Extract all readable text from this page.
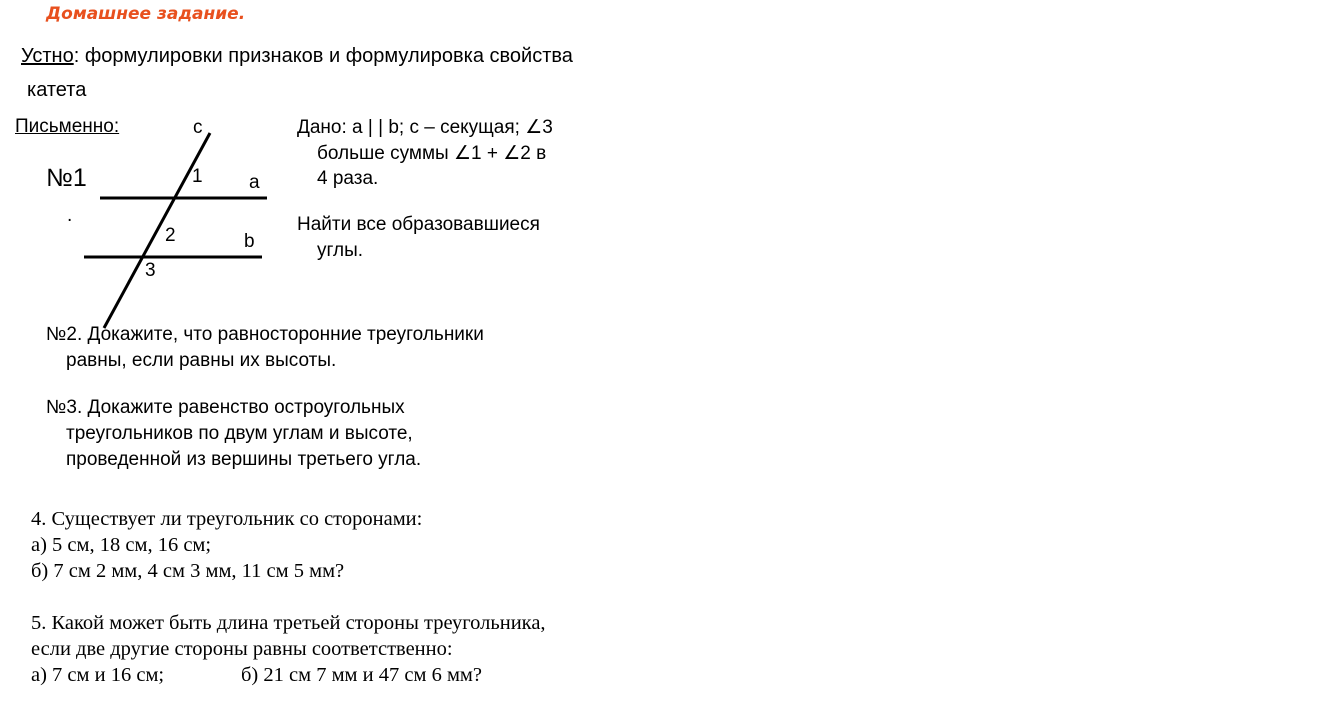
Домашнее задание.
Устно: формулировки признаков и формулировка свойства
катета
Письменно:	с
a
b
1
2
3
№1
.
Дано: a | | b; с – секущая; ∠3
больше суммы ∠1 + ∠2 в
4 раза.
Найти все образовавшиеся
углы.
№2. Докажите, что равносторонние треугольники
равны, если равны их высоты.
№3. Докажите равенство остроугольных
треугольников по двум углам и высоте,
проведенной из вершины третьего угла.
4. Существует ли треугольник со сторонами:
а) 5 см, 18 см, 16 см;
б) 7 см 2 мм, 4 см 3 мм, 11 см 5 мм?
5. Какой может быть длина третьей стороны треугольника,
если две другие стороны равны соответственно:
а) 7 см и 16 см;	б) 21 см 7 мм и 47 см 6 мм?
